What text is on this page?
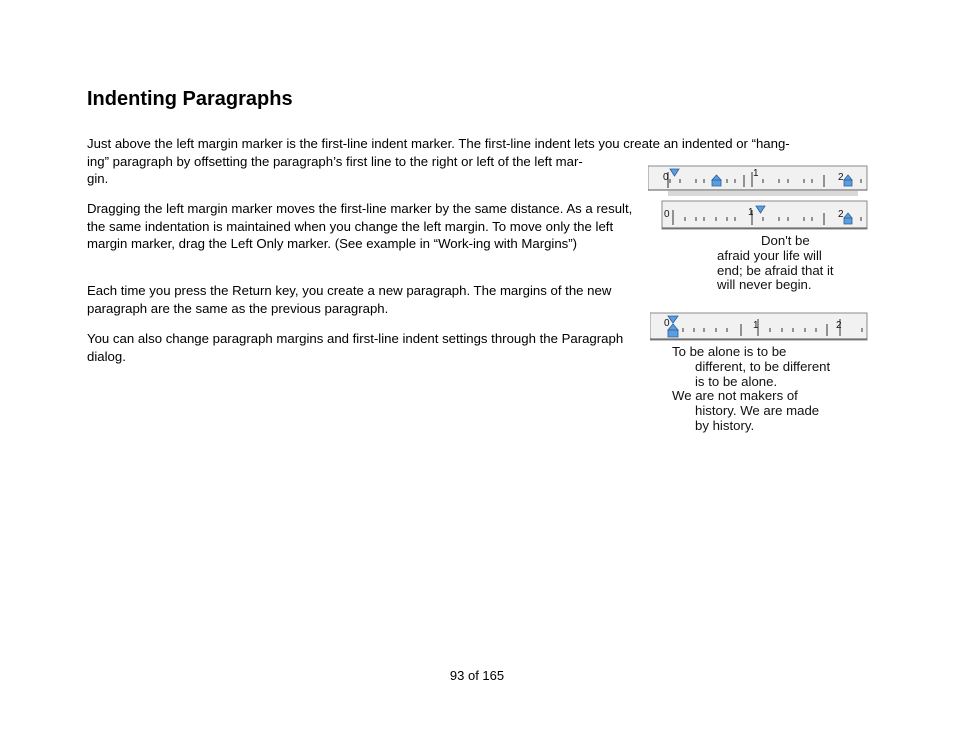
Indenting Paragraphs

Just above the left margin marker is the first-line indent marker. The first-line indent lets you create an indented or “hang-
ing” paragraph by offsetting the paragraph’s first line to the right or left of the left mar-
gin.

Dragging the left margin marker moves the first-line marker by the same distance. As a result, the same indentation is maintained when you change the left margin. To move only the left margin marker, drag the Left Only marker. (See example in “Work-ing with Margins”)

Each time you press the Return key, you create a new paragraph. The margins of the new paragraph are the same as the previous paragraph.

You can also change paragraph margins and first-line indent settings through the Paragraph dialog.

0	1	2
0	1	2
Don't be
afraid your life will
end; be afraid that it
will never begin.
0	1	2
To be alone is to be
different, to be different
is to be alone.
We are not makers of
history. We are made
by history.
93 of 165
